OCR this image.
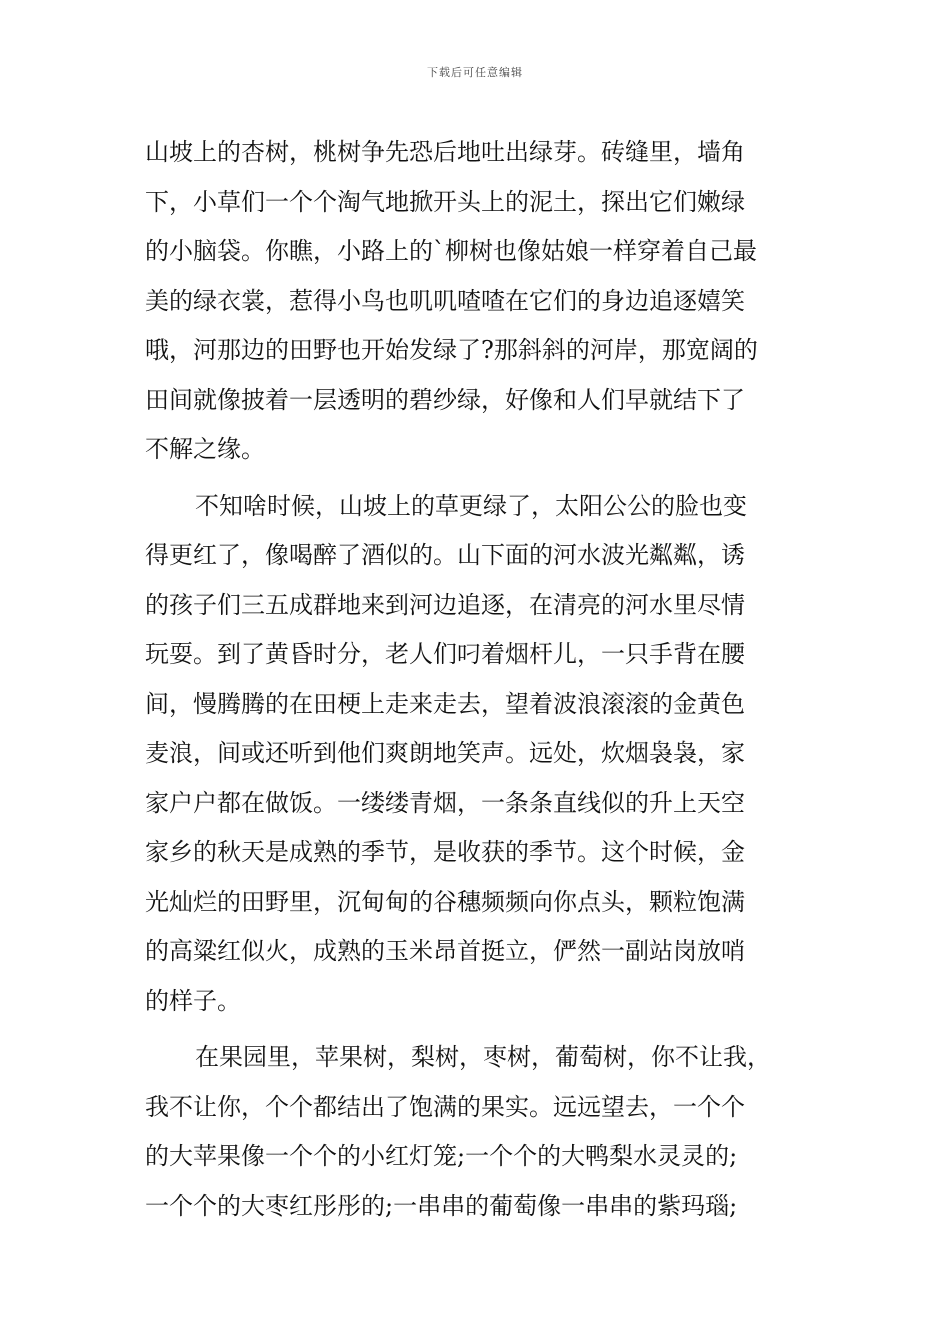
下载后可任意编辑
山坡上的杏树，桃树争先恐后地吐出绿芽。砖缝里，墙角
下，小草们一个个淘气地掀开头上的泥土，探出它们嫩绿
的小脑袋。你瞧，小路上的`柳树也像姑娘一样穿着自己最
美的绿衣裳，惹得小鸟也叽叽喳喳在它们的身边追逐嬉笑
哦，河那边的田野也开始发绿了?那斜斜的河岸，那宽阔的
田间就像披着一层透明的碧纱绿，好像和人们早就结下了
不解之缘。
不知啥时候，山坡上的草更绿了，太阳公公的脸也变
得更红了，像喝醉了酒似的。山下面的河水波光粼粼，诱
的孩子们三五成群地来到河边追逐，在清亮的河水里尽情
玩耍。到了黄昏时分，老人们叼着烟杆儿，一只手背在腰
间，慢腾腾的在田梗上走来走去，望着波浪滚滚的金黄色
麦浪，间或还听到他们爽朗地笑声。远处，炊烟袅袅，家
家户户都在做饭。一缕缕青烟，一条条直线似的升上天空
家乡的秋天是成熟的季节，是收获的季节。这个时候，金
光灿烂的田野里，沉甸甸的谷穗频频向你点头，颗粒饱满
的高粱红似火，成熟的玉米昂首挺立，俨然一副站岗放哨
的样子。
在果园里，苹果树，梨树，枣树，葡萄树，你不让我，
我不让你，个个都结出了饱满的果实。远远望去，一个个
的大苹果像一个个的小红灯笼;一个个的大鸭梨水灵灵的;
一个个的大枣红彤彤的;一串串的葡萄像一串串的紫玛瑙;
